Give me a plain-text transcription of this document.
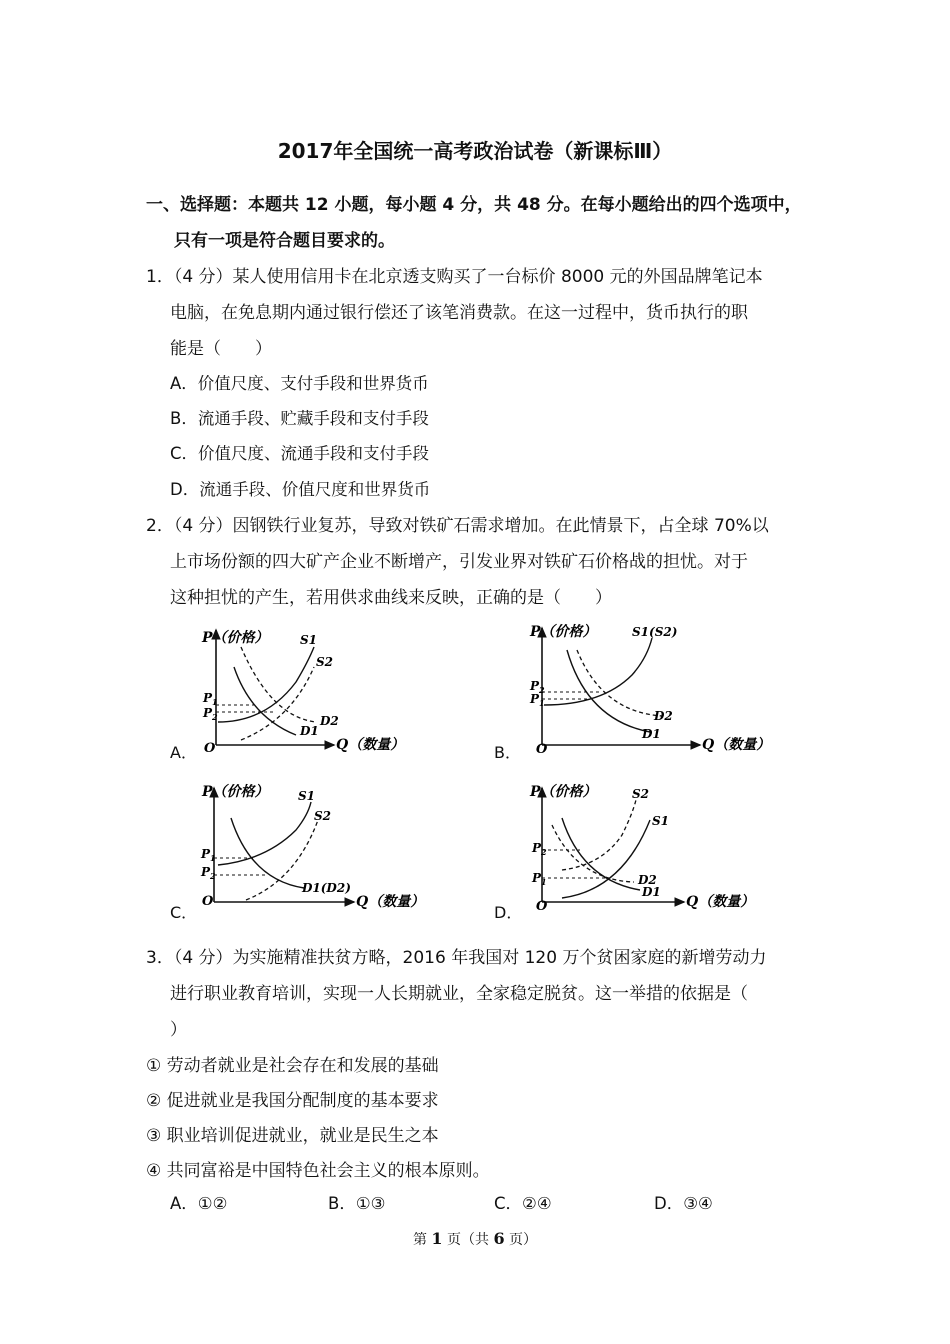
2017年全国统一高考政治试卷（新课标Ⅲ）
一、选择题：本题共 12 小题，每小题 4 分，共 48 分。在每小题给出的四个选项中，
只有一项是符合题目要求的。
1．（4 分）某人使用信用卡在北京透支购买了一台标价 8000 元的外国品牌笔记本
电脑，在免息期内通过银行偿还了该笔消费款。在这一过程中，货币执行的职
能是（　　）
A．价值尺度、支付手段和世界货币
B．流通手段、贮藏手段和支付手段
C．价值尺度、流通手段和支付手段
D．流通手段、价值尺度和世界货币
2．（4 分）因钢铁行业复苏，导致对铁矿石需求增加。在此情景下，占全球 70%以
上市场份额的四大矿产企业不断增产，引发业界对铁矿石价格战的担忧。对于
这种担忧的产生，若用供求曲线来反映，正确的是（　　）
A．
P（价格）
Q（数量）
O
$P_1$
$P_2$
S1
S2
D1
D2
B．
P（价格）
Q（数量）
O
$P_2$
$P_1$
S1(S2)
D1
D2
C．
P（价格）
Q（数量）
O
$P_1$
$P_2$
S1
S2
D1(D2)
D．
P（价格）
Q（数量）
O
$P_2$
$P_1$
S1
S2
D1
D2
3．（4 分）为实施精准扶贫方略，2016 年我国对 120 万个贫困家庭的新增劳动力
进行职业教育培训，实现一人长期就业，全家稳定脱贫。这一举措的依据是（
）
① 劳动者就业是社会存在和发展的基础
② 促进就业是我国分配制度的基本要求
③ 职业培训促进就业，就业是民生之本
④ 共同富裕是中国特色社会主义的根本原则。
A．①②	B．①③	C．②④	D．③④
第 1 页（共 6 页）
